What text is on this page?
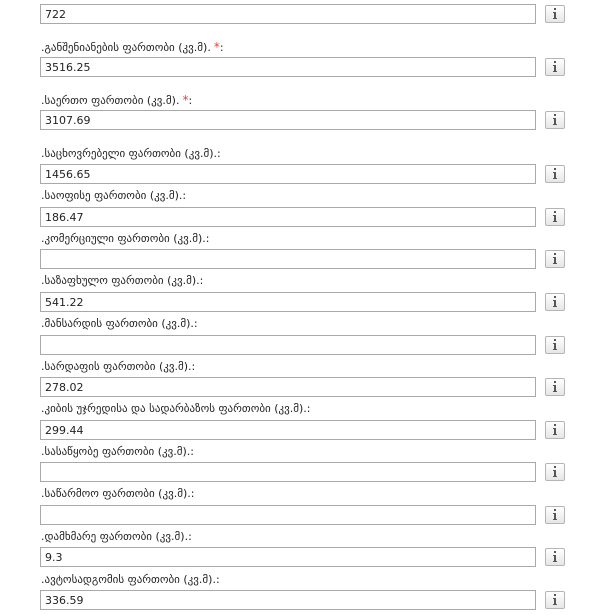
722
.განშენიანების ფართობი (კვ.მ). *:
3516.25
.საერთო ფართობი (კვ.მ). *:
3107.69
.საცხოვრებელი ფართობი (კვ.მ).:
1456.65
.საოფისე ფართობი (კვ.მ).:
186.47
.კომერციული ფართობი (კვ.მ).:
.საზაფხულო ფართობი (კვ.მ).:
541.22
.მანსარდის ფართობი (კვ.მ).:
.სარდაფის ფართობი (კვ.მ).:
278.02
.კიბის უჯრედისა და სადარბაზოს ფართობი (კვ.მ).:
299.44
.სასაწყობე ფართობი (კვ.მ).:
.საწარმოო ფართობი (კვ.მ).:
.დამხმარე ფართობი (კვ.მ).:
9.3
.ავტოსადგომის ფართობი (კვ.მ).:
336.59
